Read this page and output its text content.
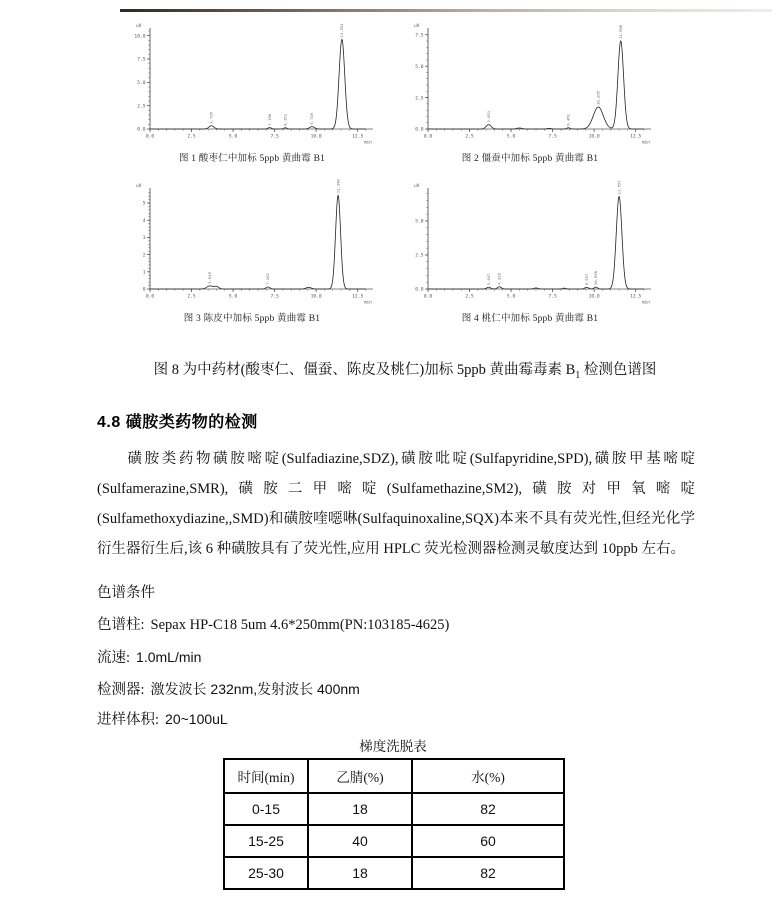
0.0
2.5
5.0
7.5
10.0
0.0	2.5	5.0	7.5	10.0	12.5
uV
min
3.705	7.198	8.151	9.749
11.551
图 1 酸枣仁中加标 5ppb 黄曲霉 B1
0.0
2.5
5.0
7.5
0.0	2.5	5.0	7.5	10.0	12.5
uV
min
3.651	8.461
10.265
11.598
图 2 僵蚕中加标 5ppb 黄曲霉 B1
0
1
2
3
4
5
0.0	2.5	5.0	7.5	10.0	12.5
uV
min
3.619	7.102
11.390
图 3 陈皮中加标 5ppb 黄曲霉 B1
0.0
2.5
5.0
0.0	2.5	5.0	7.5	10.0	12.5
uV
min
3.647 4.329	9.557 10.098
11.557
图 4 桃仁中加标 5ppb 黄曲霉 B1
图 8 为中药材(酸枣仁、僵蚕、陈皮及桃仁)加标 5ppb 黄曲霉毒素 $B_1$ 检测色谱图
4.8 磺胺类药物的检测
磺胺类药物磺胺嘧啶(Sulfadiazine,SDZ),磺胺吡啶(Sulfapyridine,SPD),磺胺甲基嘧啶(Sulfamerazine,SMR),磺胺二甲嘧啶(Sulfamethazine,SM2),磺胺对甲氧嘧啶(Sulfamethoxydiazine,,SMD)和磺胺喹噁啉(Sulfaquinoxaline,SQX)本来不具有荧光性,但经光化学衍生器衍生后,该 6 种磺胺具有了荧光性,应用 HPLC 荧光检测器检测灵敏度达到 10ppb 左右。
色谱条件
色谱柱: Sepax HP-C18 5um 4.6*250mm(PN:103185-4625)
流速: 1.0mL/min
检测器: 激发波长 232nm,发射波长 400nm
进样体积: 20~100uL
梯度洗脱表
时间(min)	乙腈(%)	水(%)
0-15	18	82
15-25	40	60
25-30	18	82
